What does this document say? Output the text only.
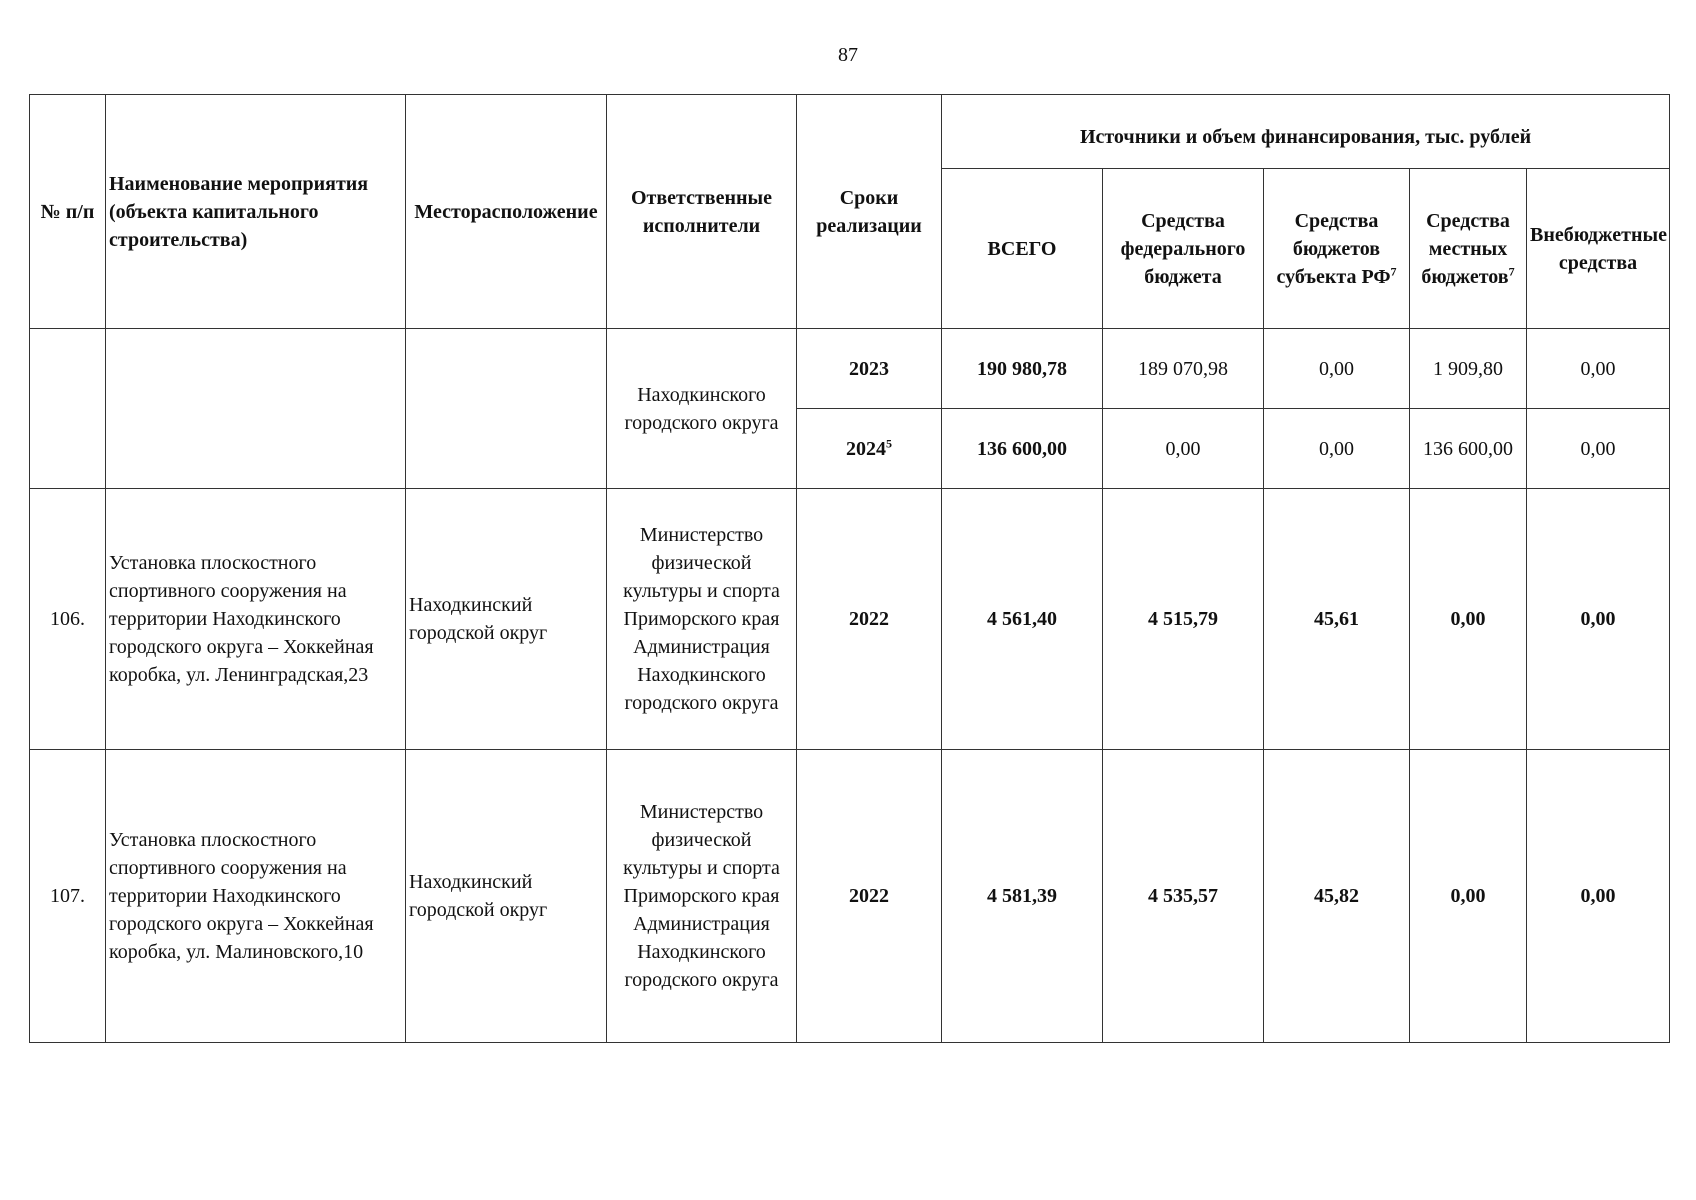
87
№ п/п	Наименование мероприятия (объекта капитального строительства)	Месторасположение	Ответственные исполнители	Сроки реализации	Источники и объем финансирования, тыс. рублей				
					ВСЕГО	Средства федерального бюджета	Средства бюджетов субъекта $РФ^7$	Средства местных бюджетов$^7$	Внебюджетные средства
			Находкинского городского округа	2023	190 980,78	189 070,98	0,00	1 909,80	0,00
				2024$^5$	136 600,00	0,00	0,00	136 600,00	0,00
106.	Установка плоскостного спортивного сооружения на территории Находкинского городского округа – Хоккейная коробка, ул. Ленинградская,23	Находкинский городской округ	Министерство физической культуры и спорта Приморского края Администрация Находкинского городского округа	2022	4 561,40	4 515,79	45,61	0,00	0,00
107.	Установка плоскостного спортивного сооружения на территории Находкинского городского округа – Хоккейная коробка, ул. Малиновского,10	Находкинский городской округ	Министерство физической культуры и спорта Приморского края Администрация Находкинского городского округа	2022	4 581,39	4 535,57	45,82	0,00	0,00
